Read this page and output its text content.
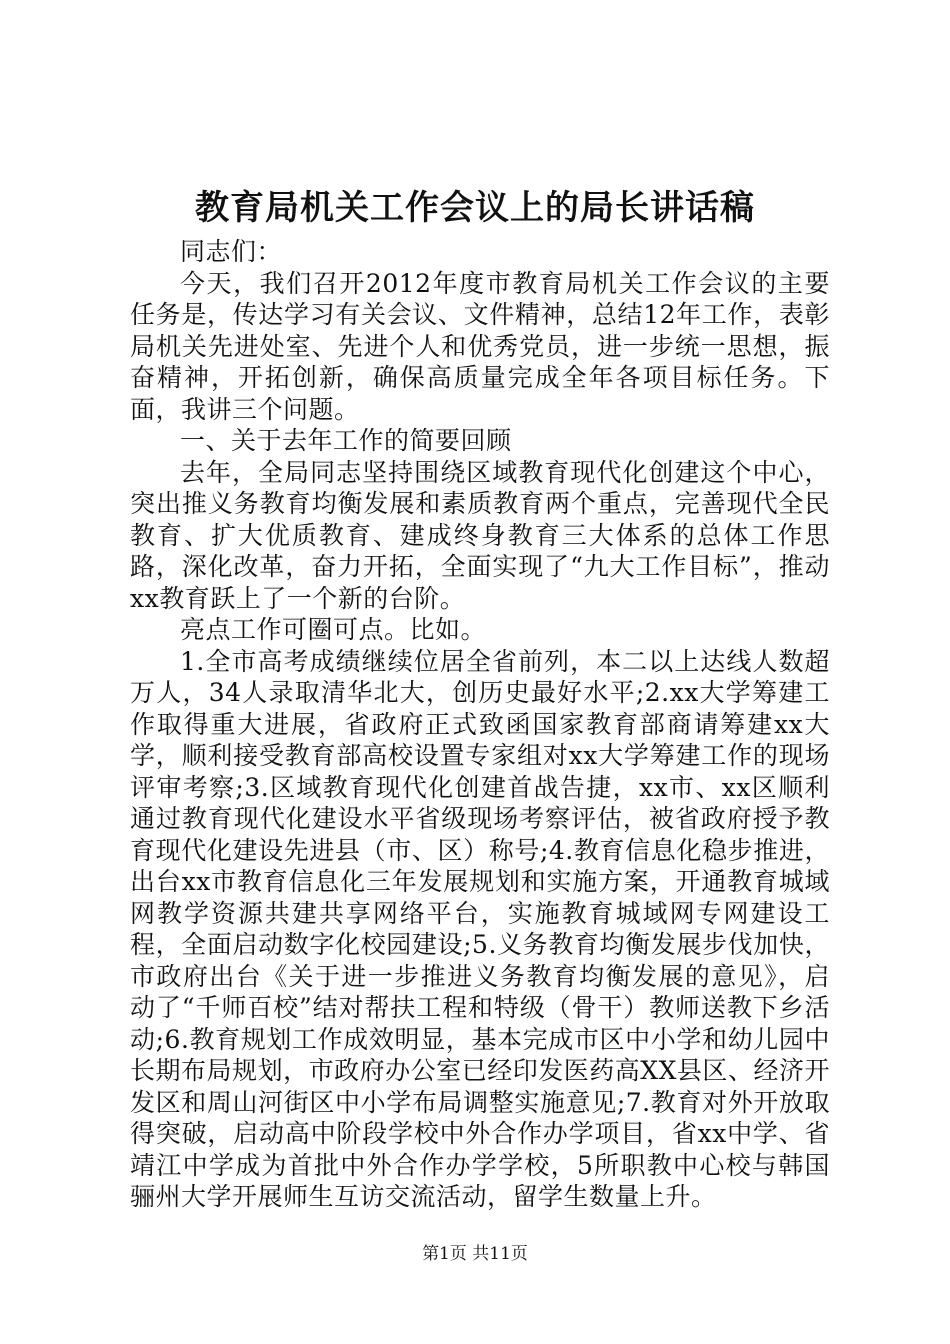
教育局机关工作会议上的局长讲话稿

同志们：

今天，我们召开2012年度市教育局机关工作会议的主要任务是，传达学习有关会议、文件精神，总结12年工作，表彰局机关先进处室、先进个人和优秀党员，进一步统一思想，振奋精神，开拓创新，确保高质量完成全年各项目标任务。下面，我讲三个问题。

一、关于去年工作的简要回顾

去年，全局同志坚持围绕区域教育现代化创建这个中心，突出推义务教育均衡发展和素质教育两个重点，完善现代全民教育、扩大优质教育、建成终身教育三大体系的总体工作思路，深化改革，奋力开拓，全面实现了“九大工作目标”，推动xx教育跃上了一个新的台阶。

亮点工作可圈可点。比如。

1.全市高考成绩继续位居全省前列，本二以上达线人数超万人，34人录取清华北大，创历史最好水平;2.xx大学筹建工作取得重大进展，省政府正式致函国家教育部商请筹建xx大学，顺利接受教育部高校设置专家组对xx大学筹建工作的现场评审考察;3.区域教育现代化创建首战告捷，xx市、xx区顺利通过教育现代化建设水平省级现场考察评估，被省政府授予教育现代化建设先进县（市、区）称号;4.教育信息化稳步推进，出台xx市教育信息化三年发展规划和实施方案，开通教育城域网教学资源共建共享网络平台，实施教育城域网专网建设工程，全面启动数字化校园建设;5.义务教育均衡发展步伐加快，市政府出台《关于进一步推进义务教育均衡发展的意见》，启动了“千师百校”结对帮扶工程和特级（骨干）教师送教下乡活动;6.教育规划工作成效明显，基本完成市区中小学和幼儿园中长期布局规划，市政府办公室已经印发医药高XX县区、经济开发区和周山河街区中小学布局调整实施意见;7.教育对外开放取得突破，启动高中阶段学校中外合作办学项目，省xx中学、省靖江中学成为首批中外合作办学学校，5所职教中心校与韩国骊州大学开展师生互访交流活动，留学生数量上升。

第1页 共11页
